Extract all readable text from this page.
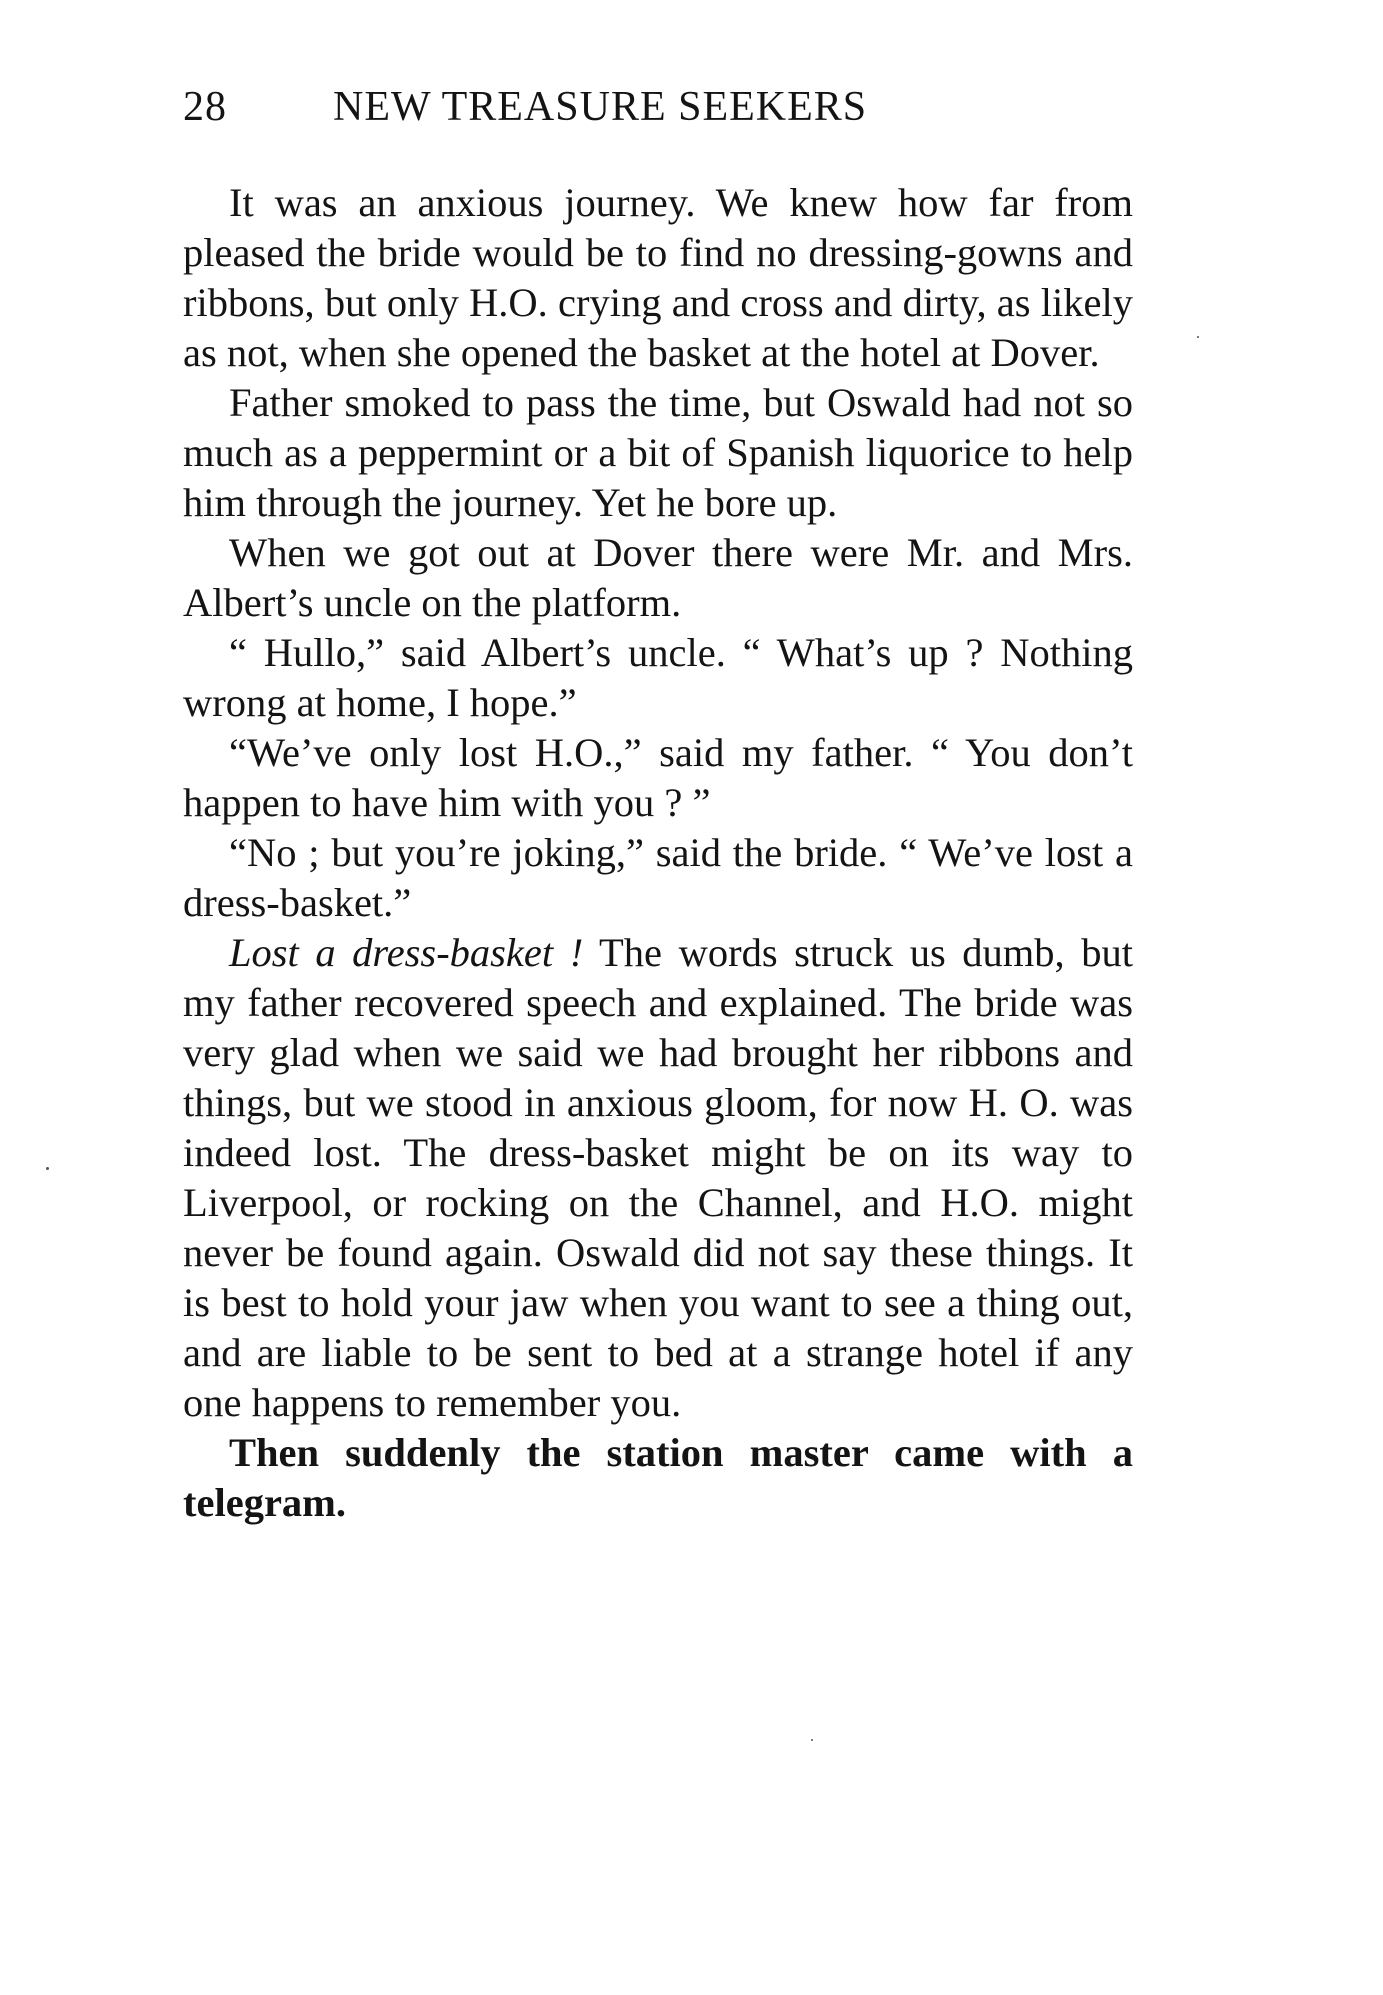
28	NEW TREASURE SEEKERS

It was an anxious journey. We knew how far from pleased the bride would be to find no dressing-gowns and ribbons, but only H.O. crying and cross and dirty, as likely as not, when she opened the basket at the hotel at Dover.

Father smoked to pass the time, but Oswald had not so much as a peppermint or a bit of Spanish liquorice to help him through the journey. Yet he bore up.

When we got out at Dover there were Mr. and Mrs. Albert’s uncle on the platform.

“ Hullo,” said Albert’s uncle. “ What’s up ? Nothing wrong at home, I hope.”

“We’ve only lost H.O.,” said my father. “ You don’t happen to have him with you ? ”

“No ; but you’re joking,” said the bride. “ We’ve lost a dress-basket.”

Lost a dress-basket ! The words struck us dumb, but my father recovered speech and explained. The bride was very glad when we said we had brought her ribbons and things, but we stood in anxious gloom, for now H. O. was indeed lost. The dress-basket might be on its way to Liverpool, or rocking on the Channel, and H.O. might never be found again. Oswald did not say these things. It is best to hold your jaw when you want to see a thing out, and are liable to be sent to bed at a strange hotel if any one happens to remember you.

Then suddenly the station master came with a telegram.
